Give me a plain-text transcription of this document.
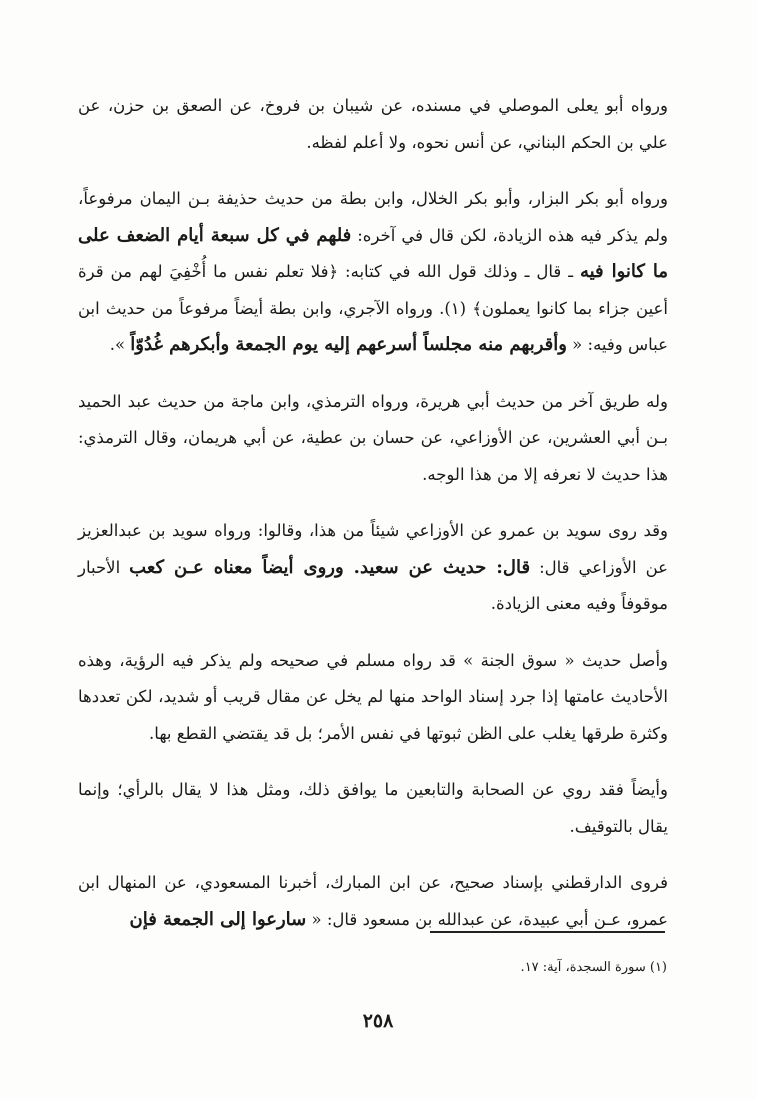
ورواه أبو يعلى الموصلي في مسنده، عن شيبان بن فروخ، عن الصعق بن حزن، عن علي بن الحكم البناني، عن أنس نحوه، ولا أعلم لفظه.

ورواه أبو بكر البزار، وأبو بكر الخلال، وابن بطة من حديث حذيفة بـن اليمان مرفوعاً، ولم يذكر فيه هذه الزيادة، لكن قال في آخره: فلهم في كل سبعة أيام الضعف على ما كانوا فيه ـ قال ـ وذلك قول الله في كتابه: ﴿فلا تعلم نفس ما أُخْفِيَ لهم من قرة أعين جزاء بما كانوا يعملون﴾ (١). ورواه الآجري، وابن بطة أيضاً مرفوعاً من حديث ابن عباس وفيه: « وأقربهم منه مجلساً أسرعهم إليه يوم الجمعة وأبكرهم غُدُوّاً ».

وله طريق آخر من حديث أبي هريرة، ورواه الترمذي، وابن ماجة من حديث عبد الحميد بـن أبي العشرين، عن الأوزاعي، عن حسان بن عطية، عن أبي هريمان، وقال الترمذي: هذا حديث لا نعرفه إلا من هذا الوجه.

وقد روى سويد بن عمرو عن الأوزاعي شيئاً من هذا، وقالوا: ورواه سويد بن عبدالعزيز عن الأوزاعي قال: قال: حديث عن سعيد. وروى أيضاً معناه عـن كعب الأحبار موقوفاً وفيه معنى الزيادة.

وأصل حديث « سوق الجنة » قد رواه مسلم في صحيحه ولم يذكر فيه الرؤية، وهذه الأحاديث عامتها إذا جرد إسناد الواحد منها لم يخل عن مقال قريب أو شديد، لكن تعددها وكثرة طرقها يغلب على الظن ثبوتها في نفس الأمر؛ بل قد يقتضي القطع بها.

وأيضاً فقد روي عن الصحابة والتابعين ما يوافق ذلك، ومثل هذا لا يقال بالرأي؛ وإنما يقال بالتوقيف.

فروى الدارقطني بإسناد صحيح، عن ابن المبارك، أخبرنا المسعودي، عن المنهال ابن عمرو، عـن أبي عبيدة، عن عبدالله بن مسعود قال: « سارعوا إلى الجمعة فإن

(١) سورة السجدة، آية: ١٧.
٢٥٨
